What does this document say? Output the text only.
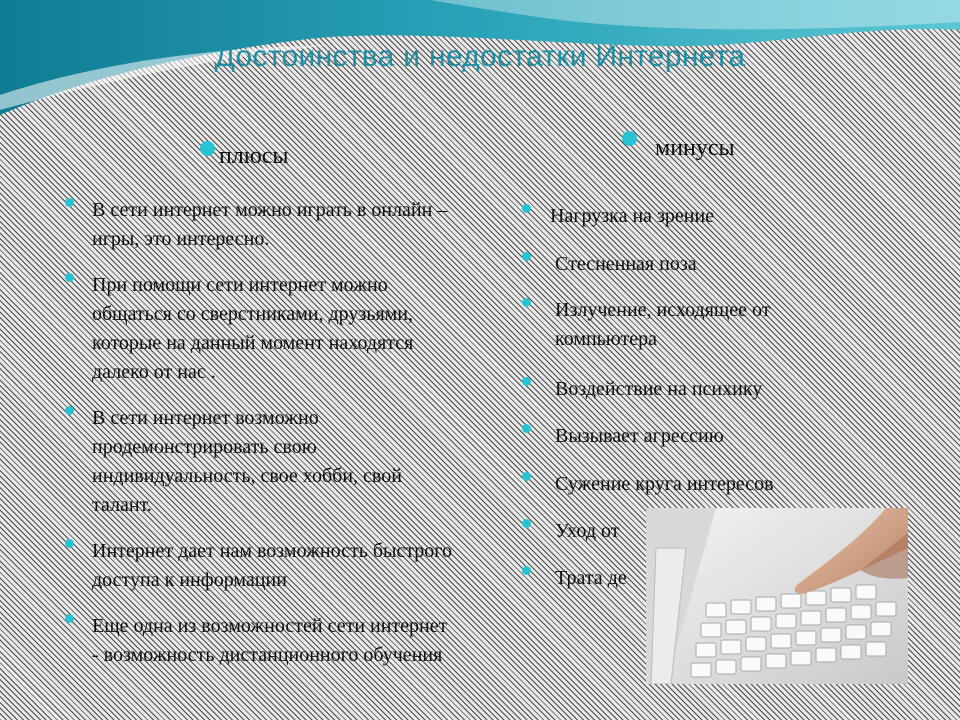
Достоинства и недостатки Интернета
плюсы	минусы
В сети интернет можно играть в онлайн – игры, это интересно.
При помощи сети интернет можно общаться со сверстниками, друзьями, которые на данный момент находятся далеко от нас .
В сети интернет возможно продемонстрировать свою индивидуальность, свое хобби, свой талант.
Интернет дает нам возможность быстрого доступа к информации
Еще одна из возможностей сети интернет - возможность дистанционного обучения
Нагрузка на зрение
Стесненная поза
Излучение, исходящее от компьютера
Воздействие на психику
Вызывает агрессию
Сужение круга интересов
Уход от
Трата де
